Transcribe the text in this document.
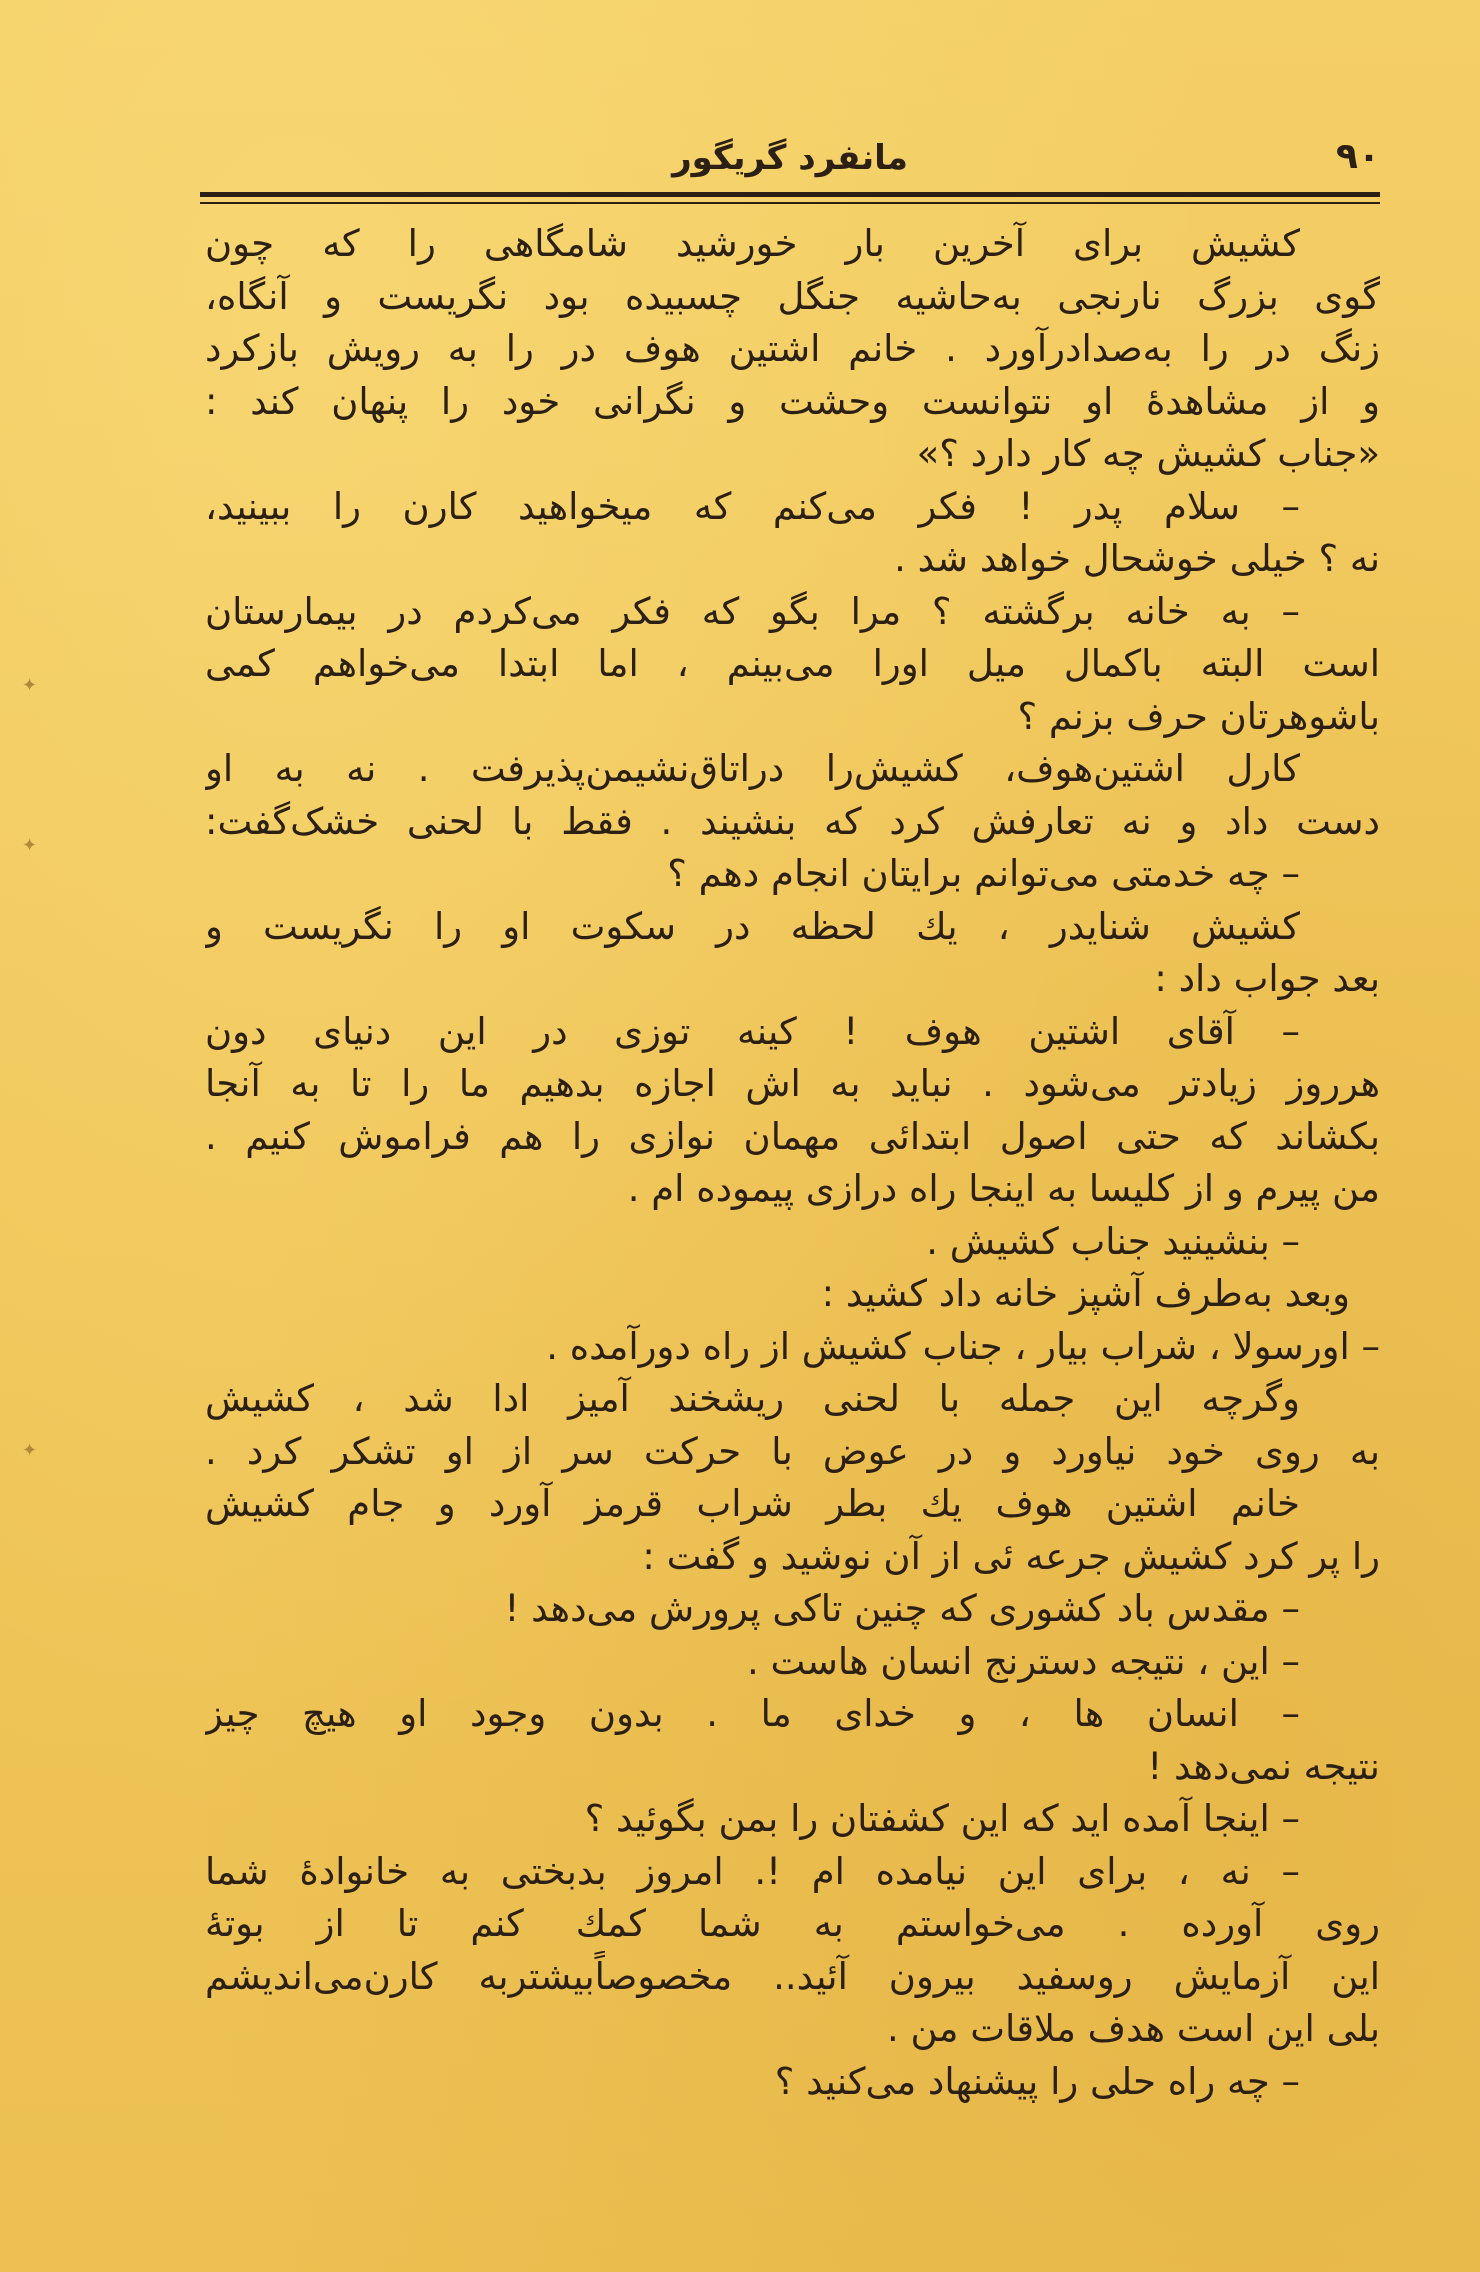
۹۰
مانفرد گریگور
کشیش برای آخرین بار خورشید شامگاهی را که چون
گوی بزرگ نارنجی به‌حاشیه جنگل چسبیده بود نگریست و آنگاه،
زنگ در را به‌صدادرآورد . خانم اشتین هوف در را به رویش بازکرد
و از مشاهدهٔ او نتوانست وحشت و نگرانی خود را پنهان کند :
«جناب کشیش چه کار دارد ؟»
– سلام پدر ! فکر می‌کنم که میخواهید کارن را ببینید،
نه ؟ خیلی خوشحال خواهد شد .
– به خانه برگشته ؟ مرا بگو که فکر می‌کردم در بیمارستان
است البته باکمال میل اورا می‌بینم ، اما ابتدا می‌خواهم کمی
باشوهرتان حرف بزنم ؟
کارل اشتین‌هوف، کشیش‌را دراتاق‌نشیمن‌پذیرفت . نه به او
دست داد و نه تعارفش کرد که بنشیند . فقط با لحنی خشک‌گفت:
– چه خدمتی می‌توانم برایتان انجام دهم ؟
کشیش شنایدر ، یك لحظه در سکوت او را نگریست و
بعد جواب داد :
– آقای اشتین هوف ! کینه توزی در این دنیای دون
هرروز زیادتر می‌شود . نباید به اش اجازه بدهیم ما را تا به آنجا
بکشاند که حتی اصول ابتدائی مهمان نوازی را هم فراموش کنیم .
من پیرم و از کلیسا به اینجا راه درازی پیموده ام .
– بنشینید جناب کشیش .
وبعد به‌طرف آشپز خانه داد کشید :
– اورسولا ، شراب بیار ، جناب کشیش از راه دورآمده .
وگرچه این جمله با لحنی ریشخند آمیز ادا شد ، کشیش
به روی خود نیاورد و در عوض با حرکت سر از او تشکر کرد .
خانم اشتین هوف یك بطر شراب قرمز آورد و جام کشیش
را پر کرد کشیش جرعه ئی از آن نوشید و گفت :
– مقدس باد کشوری که چنین تاکی پرورش می‌دهد !
– این ، نتیجه دسترنج انسان هاست .
– انسان ها ، و خدای ما . بدون وجود او هیچ چیز
نتیجه نمی‌دهد !
– اینجا آمده اید که این کشفتان را بمن بگوئید ؟
– نه ، برای این نیامده ام !. امروز بدبختی به خانوادهٔ شما
روی آورده . می‌خواستم به شما کمك کنم تا از بوتهٔ
این آزمایش روسفید بیرون آئید.. مخصوصاًبیشتربه کارن‌می‌اندیشم
بلی این است هدف ملاقات من .
– چه راه حلی را پیشنهاد می‌کنید ؟
✦
✦
✦
